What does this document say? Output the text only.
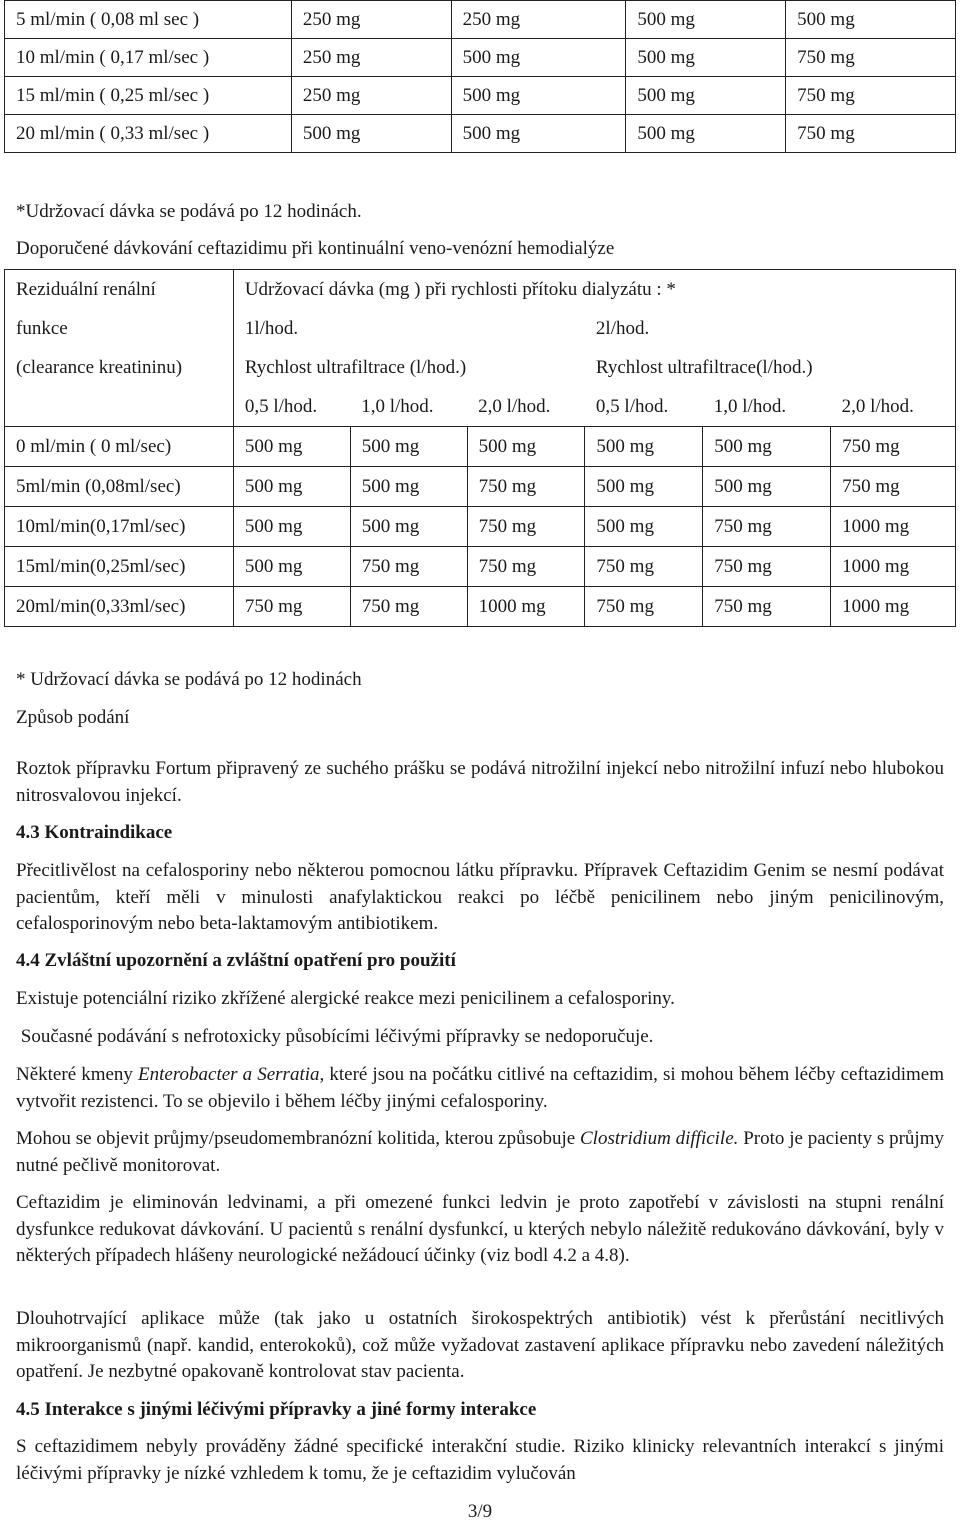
5 ml/min ( 0,08 ml sec )	250 mg	250 mg	500 mg	500 mg
10 ml/min ( 0,17 ml/sec )	250 mg	500 mg	500 mg	750 mg
15 ml/min ( 0,25 ml/sec )	250 mg	500 mg	500 mg	750 mg
20 ml/min ( 0,33 ml/sec )	500 mg	500 mg	500 mg	750 mg

*Udržovací dávka se podává po 12 hodinách.

Doporučené dávkování ceftazidimu při kontinuální veno-venózní hemodialýze

Reziduální renální	Udržovací dávka (mg ) při rychlosti přítoku dialyzátu : *					
funkce	1l/hod.			2l/hod.		
(clearance kreatininu)	Rychlost ultrafiltrace (l/hod.)			Rychlost ultrafiltrace(l/hod.)		
	0,5 l/hod.	1,0 l/hod.	2,0 l/hod.	0,5 l/hod.	1,0 l/hod.	2,0 l/hod.
0 ml/min ( 0 ml/sec)	500 mg	500 mg	500 mg	500 mg	500 mg	750 mg
5ml/min (0,08ml/sec)	500 mg	500 mg	750 mg	500 mg	500 mg	750 mg
10ml/min(0,17ml/sec)	500 mg	500 mg	750 mg	500 mg	750 mg	1000 mg
15ml/min(0,25ml/sec)	500 mg	750 mg	750 mg	750 mg	750 mg	1000 mg
20ml/min(0,33ml/sec)	750 mg	750 mg	1000 mg	750 mg	750 mg	1000 mg

* Udržovací dávka se podává po 12 hodinách

Způsob podání

Roztok přípravku Fortum připravený ze suchého prášku se podává nitrožilní injekcí nebo nitrožilní infuzí nebo hlubokou nitrosvalovou injekcí.

4.3 Kontraindikace

Přecitlivělost na cefalosporiny nebo některou pomocnou látku přípravku. Přípravek Ceftazidim Genim se nesmí podávat pacientům, kteří měli v minulosti anafylaktickou reakci po léčbě penicilinem nebo jiným penicilinovým, cefalosporinovým nebo beta-laktamovým antibiotikem.

4.4 Zvláštní upozornění a zvláštní opatření pro použití

Existuje potenciální riziko zkřížené alergické reakce mezi penicilinem a cefalosporiny.

Současné podávání s nefrotoxicky působícími léčivými přípravky se nedoporučuje.

Některé kmeny Enterobacter a Serratia, které jsou na počátku citlivé na ceftazidim, si mohou během léčby ceftazidimem vytvořit rezistenci. To se objevilo i během léčby jinými cefalosporiny.

Mohou se objevit průjmy/pseudomembranózní kolitida, kterou způsobuje Clostridium difficile. Proto je pacienty s průjmy nutné pečlivě monitorovat.

Ceftazidim je eliminován ledvinami, a při omezené funkci ledvin je proto zapotřebí v závislosti na stupni renální dysfunkce redukovat dávkování. U pacientů s renální dysfunkcí, u kterých nebylo náležitě redukováno dávkování, byly v některých případech hlášeny neurologické nežádoucí účinky (viz bodl 4.2 a 4.8).

Dlouhotrvající aplikace může (tak jako u ostatních širokospektrých antibiotik) vést k přerůstání necitlivých mikroorganismů (např. kandid, enterokoků), což může vyžadovat zastavení aplikace přípravku nebo zavedení náležitých opatření. Je nezbytné opakovaně kontrolovat stav pacienta.

4.5 Interakce s jinými léčivými přípravky a jiné formy interakce

S ceftazidimem nebyly prováděny žádné specifické interakční studie. Riziko klinicky relevantních interakcí s jinými léčivými přípravky je nízké vzhledem k tomu, že je ceftazidim vylučován

3/9
